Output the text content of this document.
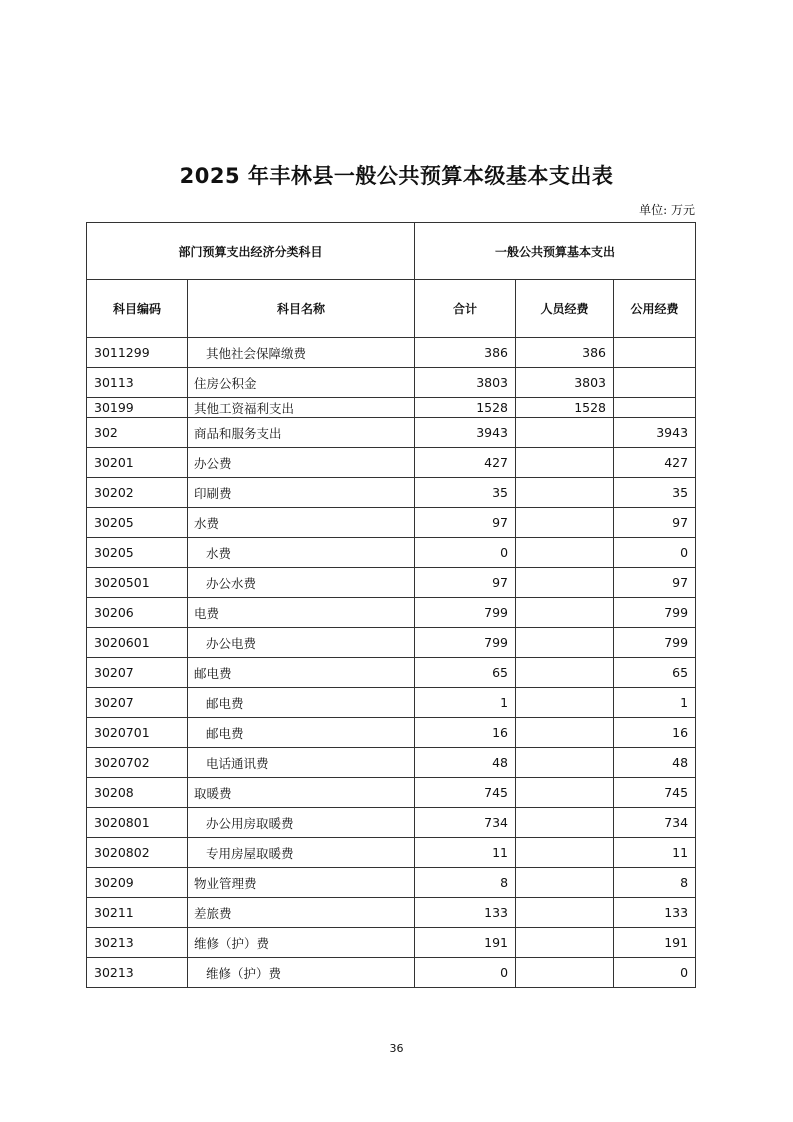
2025 年丰林县一般公共预算本级基本支出表
单位: 万元
部门预算支出经济分类科目		一般公共预算基本支出		
科目编码	科目名称	合计	人员经费	公用经费
3011299	其他社会保障缴费	386	386	
30113	住房公积金	3803	3803	
30199	其他工资福利支出	1528	1528	
302	商品和服务支出	3943		3943
30201	办公费	427		427
30202	印刷费	35		35
30205	水费	97		97
30205	水费	0		0
3020501	办公水费	97		97
30206	电费	799		799
3020601	办公电费	799		799
30207	邮电费	65		65
30207	邮电费	1		1
3020701	邮电费	16		16
3020702	电话通讯费	48		48
30208	取暖费	745		745
3020801	办公用房取暖费	734		734
3020802	专用房屋取暖费	11		11
30209	物业管理费	8		8
30211	差旅费	133		133
30213	维修（护）费	191		191
30213	维修（护）费	0		0
36
